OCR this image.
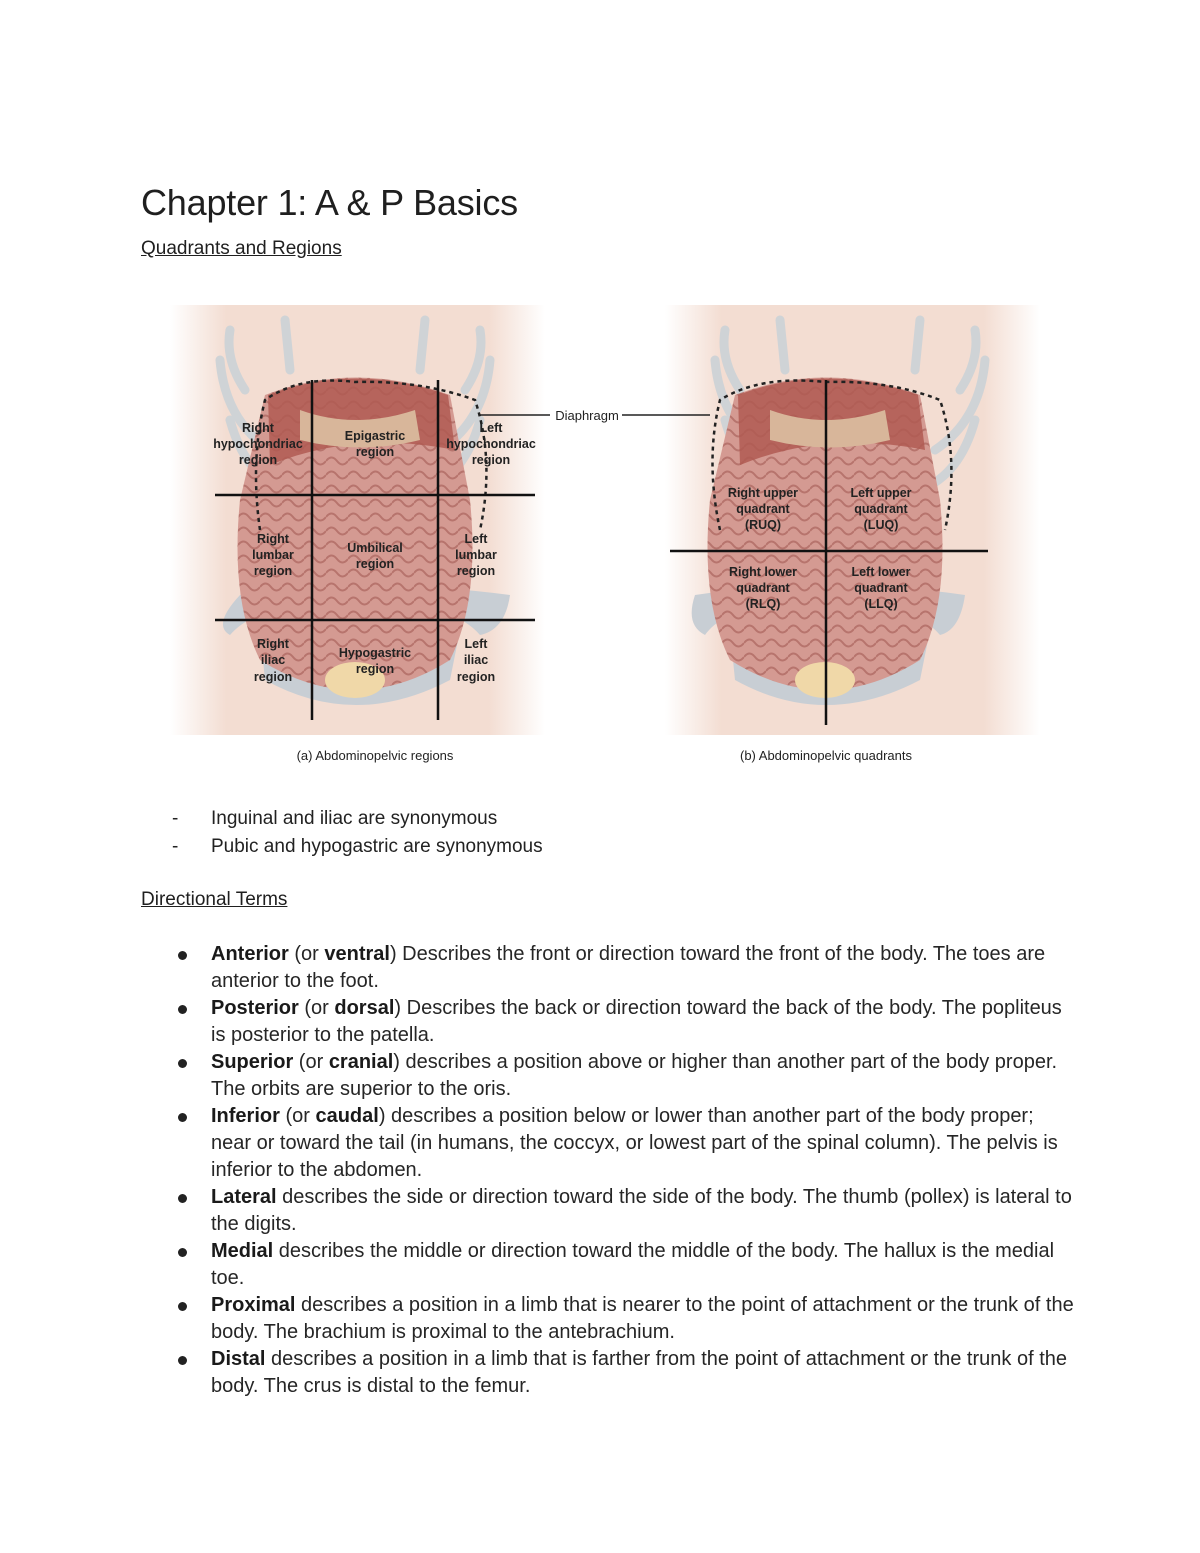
Chapter 1: A & P Basics
Quadrants and Regions
Diaphragm
Right
hypochondriac
region
Epigastric
region
Left
hypochondriac
region
Right
lumbar
region
Umbilical
region
Left
lumbar
region
Right
iliac
region
Hypogastric
region
Left
iliac
region
Right upper
quadrant
(RUQ)
Left upper
quadrant
(LUQ)
Right lower
quadrant
(RLQ)
Left lower
quadrant
(LLQ)
(a) Abdominopelvic regions	(b) Abdominopelvic quadrants
- Inguinal and iliac are synonymous
- Pubic and hypogastric are synonymous
Directional Terms
Anterior (or ventral) Describes the front or direction toward the front of the body. The toes are anterior to the foot.
Posterior (or dorsal) Describes the back or direction toward the back of the body. The popliteus is posterior to the patella.
Superior (or cranial) describes a position above or higher than another part of the body proper. The orbits are superior to the oris.
Inferior (or caudal) describes a position below or lower than another part of the body proper; near or toward the tail (in humans, the coccyx, or lowest part of the spinal column). The pelvis is inferior to the abdomen.
Lateral describes the side or direction toward the side of the body. The thumb (pollex) is lateral to the digits.
Medial describes the middle or direction toward the middle of the body. The hallux is the medial toe.
Proximal describes a position in a limb that is nearer to the point of attachment or the trunk of the body. The brachium is proximal to the antebrachium.
Distal describes a position in a limb that is farther from the point of attachment or the trunk of the body. The crus is distal to the femur.
